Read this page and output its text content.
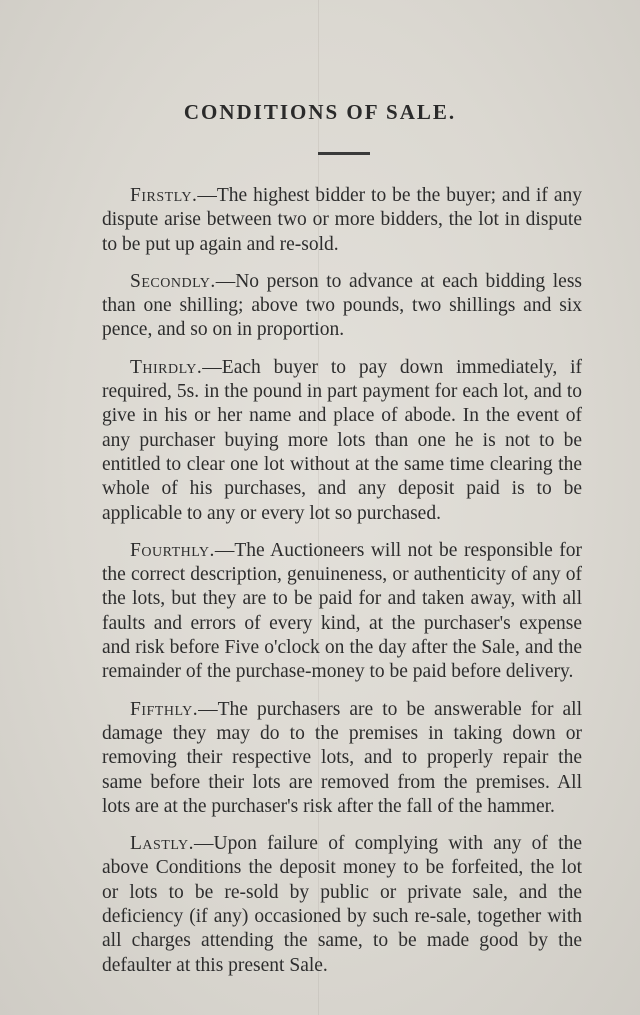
CONDITIONS OF SALE.

Firstly.—The highest bidder to be the buyer; and if any dispute arise between two or more bidders, the lot in dispute to be put up again and re-sold.

Secondly.—No person to advance at each bidding less than one shilling; above two pounds, two shillings and six pence, and so on in proportion.

Thirdly.—Each buyer to pay down immediately, if required, 5s. in the pound in part payment for each lot, and to give in his or her name and place of abode. In the event of any purchaser buying more lots than one he is not to be entitled to clear one lot without at the same time clearing the whole of his purchases, and any deposit paid is to be applicable to any or every lot so purchased.

Fourthly.—The Auctioneers will not be responsible for the correct description, genuineness, or authenticity of any of the lots, but they are to be paid for and taken away, with all faults and errors of every kind, at the purchaser's expense and risk before Five o'clock on the day after the Sale, and the remainder of the purchase-money to be paid before delivery.

Fifthly.—The purchasers are to be answerable for all damage they may do to the premises in taking down or removing their respective lots, and to properly repair the same before their lots are removed from the premises. All lots are at the purchaser's risk after the fall of the hammer.

Lastly.—Upon failure of complying with any of the above Conditions the deposit money to be forfeited, the lot or lots to be re-sold by public or private sale, and the deficiency (if any) occasioned by such re-sale, together with all charges attending the same, to be made good by the defaulter at this present Sale.
